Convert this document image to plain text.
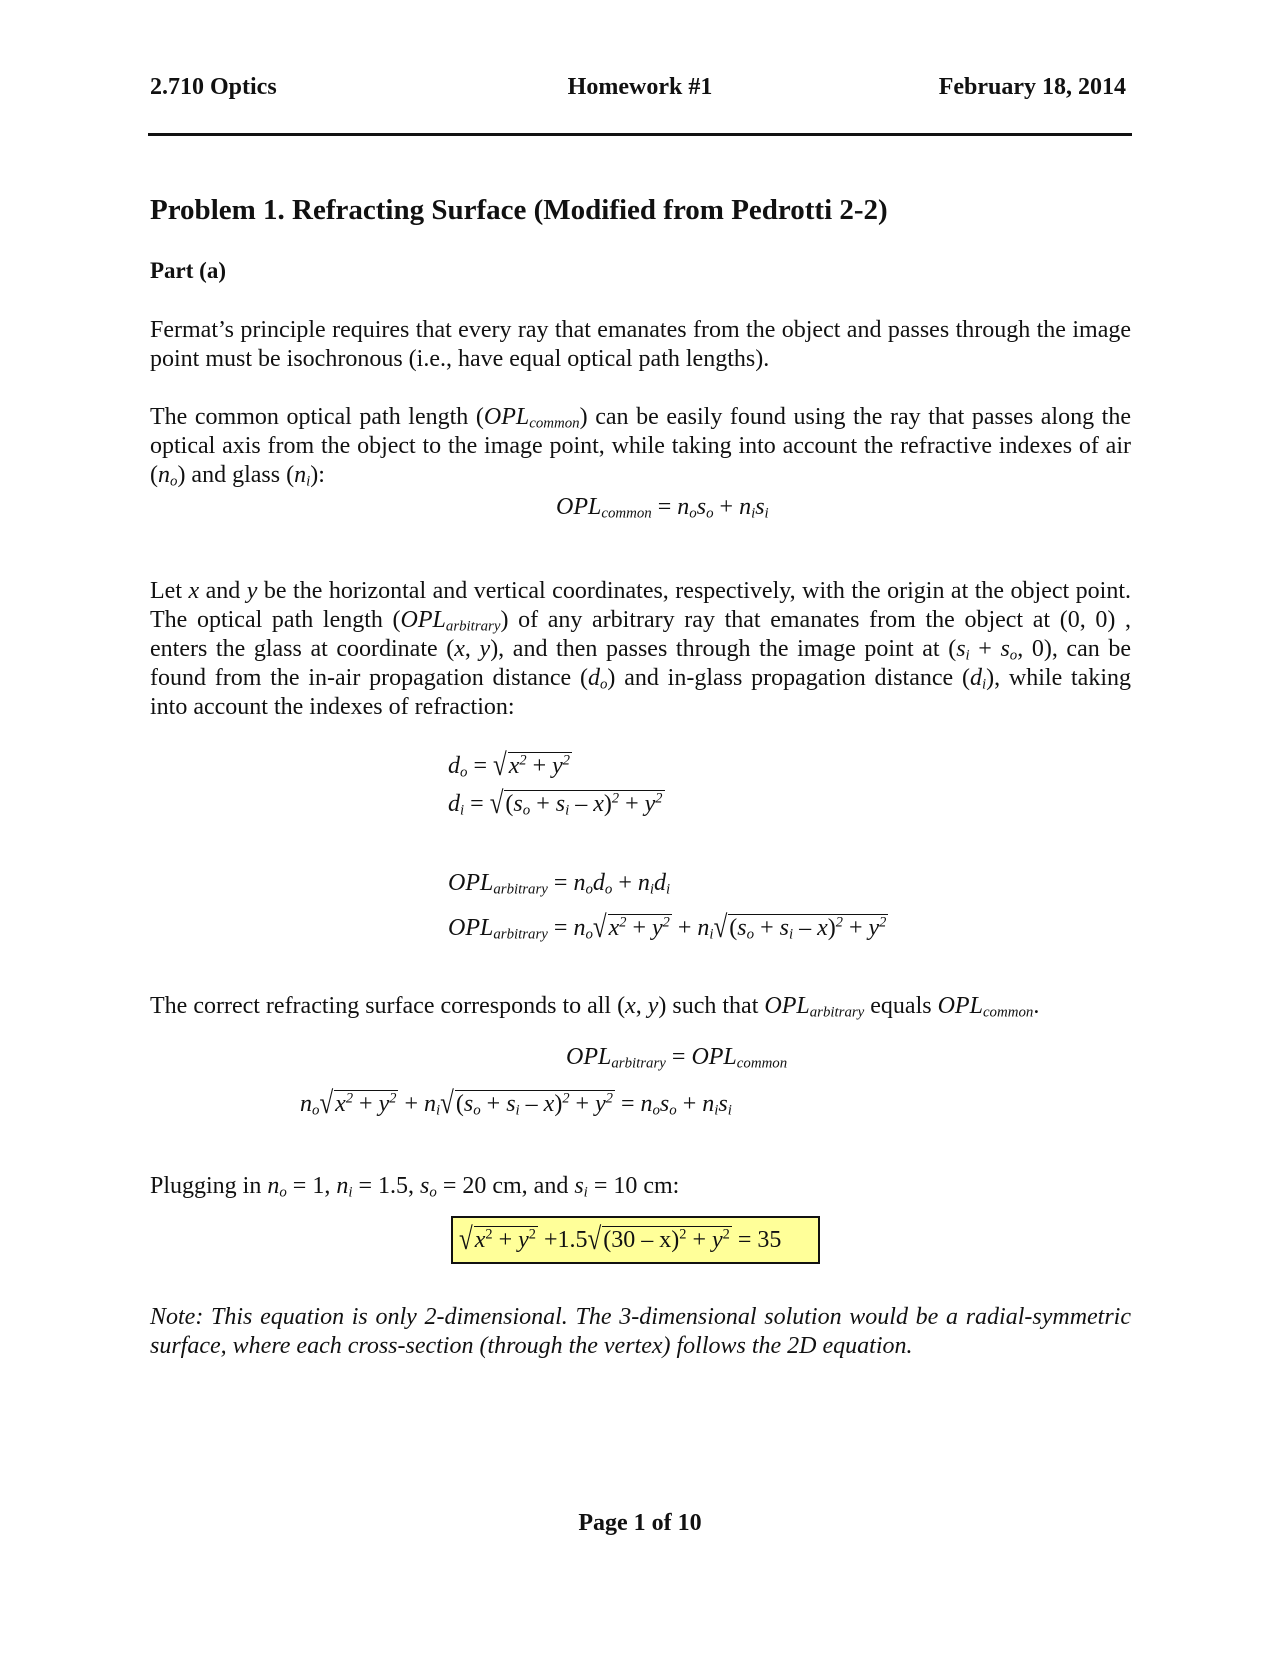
2.710 Optics	Homework #1	February 18, 2014
Problem 1. Refracting Surface (Modified from Pedrotti 2-2)
Part (a)
Fermat’s principle requires that every ray that emanates from the object and passes through the image point must be isochronous (i.e., have equal optical path lengths).
The common optical path length $(OPL_{common})$ can be easily found using the ray that passes along the optical axis from the object to the image point, while taking into account the refractive indexes of air $(n_o)$ and glass $(n_i)$:
$OPL_{common} = n_os_o + n_is_i$
Let x and y be the horizontal and vertical coordinates, respectively, with the origin at the object point. The optical path length $(OPL_{arbitrary})$ of any arbitrary ray that emanates from the object at (0, 0) , enters the glass at coordinate (x, y), and then passes through the image point at ($s_i + s_o$, 0), can be found from the in-air propagation distance $(d_o)$ and in-glass propagation distance $(d_i)$, while taking into account the indexes of refraction:
$d_o = √x^2 + y^2$
$d_i = √(s_o + s_i - x)^2 + y^2$
$OPL_{arbitrary} = n_od_o + n_id_i$
$OPL_{arbitrary} = n_o√x^2 + y^2 + n_i√(s_o + s_i - x)^2 + y^2$
The correct refracting surface corresponds to all (x, y) such that $OPL_{arbitrary}$ equals $OPL_{common}$.
$OPL_{arbitrary} = OPL_{common}$
$n_o√x^2 + y^2 + n_i√(s_o + s_i - x)^2 + y^2 = n_os_o + n_is_i$
Plugging in $n_o = 1$, $n_i = 1.5$, $s_o = 20$ cm, and $s_i = 10$ cm:
$√x^2 + y^2 +1.5√(30 - x)^2 + y^2 = 35$
Note: This equation is only 2-dimensional. The 3-dimensional solution would be a radial-symmetric surface, where each cross-section (through the vertex) follows the 2D equation.
Page 1 of 10
